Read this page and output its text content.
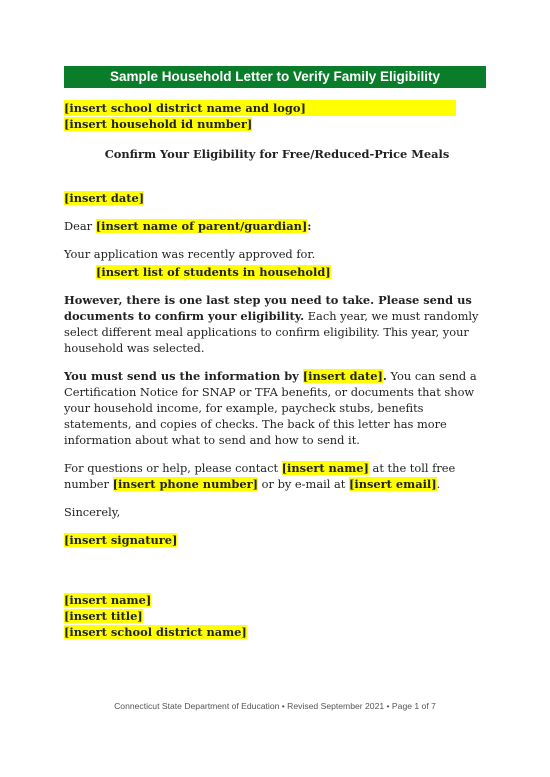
Sample Household Letter to Verify Family Eligibility
[insert school district name and logo]
[insert household id number]

Confirm Your Eligibility for Free/Reduced-Price Meals

[insert date]

Dear [insert name of parent/guardian]:

Your application was recently approved for.

[insert list of students in household]

However, there is one last step you need to take. Please send us documents to confirm your eligibility. Each year, we must randomly select different meal applications to confirm eligibility. This year, your household was selected.

You must send us the information by [insert date]. You can send a Certification Notice for SNAP or TFA benefits, or documents that show your household income, for example, paycheck stubs, benefits statements, and copies of checks. The back of this letter has more information about what to send and how to send it.

For questions or help, please contact [insert name] at the toll free number [insert phone number] or by e-mail at [insert email].

Sincerely,

[insert signature]

[insert name]

[insert title]

[insert school district name]

Connecticut State Department of Education • Revised September 2021 • Page 1 of 7
